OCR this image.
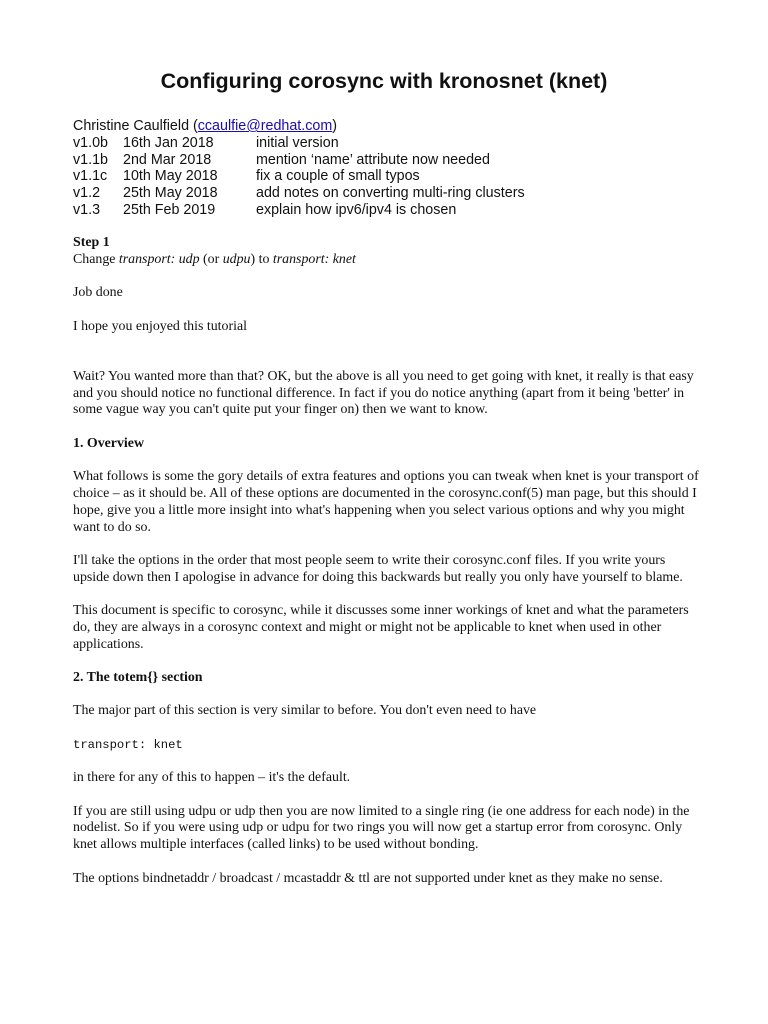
Configuring corosync with kronosnet (knet)
Christine Caulfield (ccaulfie@redhat.com)
v1.0b	16th Jan 2018	initial version
v1.1b	2nd Mar 2018	mention ‘name’ attribute now needed
v1.1c	10th May 2018	fix a couple of small typos
v1.2	25th May 2018	add notes on converting multi-ring clusters
v1.3	25th Feb 2019	explain how ipv6/ipv4 is chosen
Step 1

Change transport: udp (or udpu) to transport: knet

Job done

I hope you enjoyed this tutorial

Wait? You wanted more than that? OK, but the above is all you need to get going with knet, it really is that easy and you should notice no functional difference. In fact if you do notice anything (apart from it being 'better' in some vague way you can't quite put your finger on) then we want to know.

1. Overview

What follows is some the gory details of extra features and options you can tweak when knet is your transport of choice – as it should be. All of these options are documented in the corosync.conf(5) man page, but this should I hope, give you a little more insight into what's happening when you select various options and why you might want to do so.

I'll take the options in the order that most people seem to write their corosync.conf files. If you write yours upside down then I apologise in advance for doing this backwards but really you only have yourself to blame.

This document is specific to corosync, while it discusses some inner workings of knet and what the parameters do, they are always in a corosync context and might or might not be applicable to knet when used in other applications.

2. The totem{} section

The major part of this section is very similar to before. You don't even need to have

transport: knet

in there for any of this to happen – it's the default.

If you are still using udpu or udp then you are now limited to a single ring (ie one address for each node) in the nodelist. So if you were using udp or udpu for two rings you will now get a startup error from corosync. Only knet allows multiple interfaces (called links) to be used without bonding.

The options bindnetaddr / broadcast / mcastaddr & ttl are not supported under knet as they make no sense.
